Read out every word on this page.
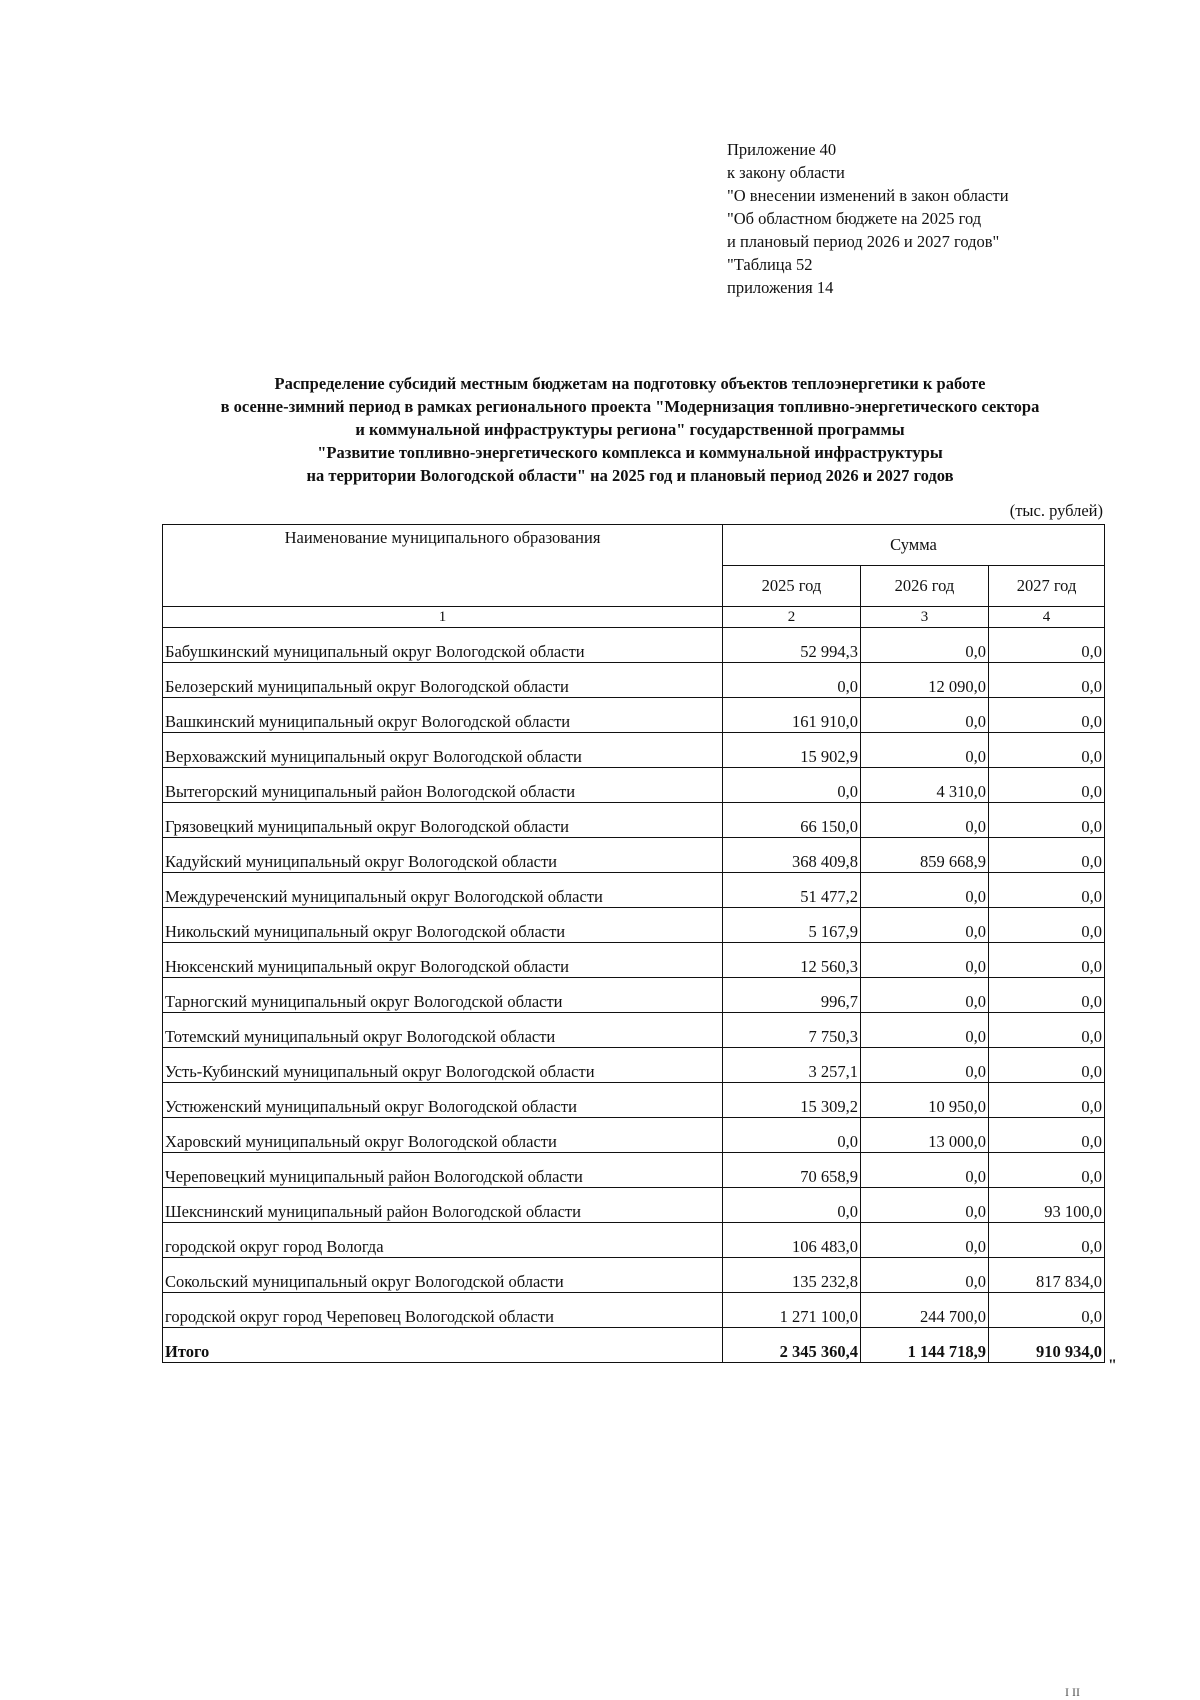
Приложение 40
к закону области
"О внесении изменений в закон области
"Об областном бюджете на 2025 год
и плановый период 2026 и 2027 годов"
"Таблица 52
приложения 14
Распределение субсидий местным бюджетам на подготовку объектов теплоэнергетики к работе
в осенне-зимний период в рамках регионального проекта "Модернизация топливно-энергетического сектора
и коммунальной инфраструктуры региона" государственной программы
"Развитие топливно-энергетического комплекса и коммунальной инфраструктуры
на территории Вологодской области" на 2025 год и плановый период 2026 и 2027 годов
(тыс. рублей)
Наименование муниципального образования	Сумма		
	2025 год	2026 год	2027 год
1	2	3	4
Бабушкинский муниципальный округ Вологодской области	52 994,3	0,0	0,0
Белозерский муниципальный округ Вологодской области	0,0	12 090,0	0,0
Вашкинский муниципальный округ Вологодской области	161 910,0	0,0	0,0
Верховажский муниципальный округ Вологодской области	15 902,9	0,0	0,0
Вытегорский муниципальный район Вологодской области	0,0	4 310,0	0,0
Грязовецкий муниципальный округ Вологодской области	66 150,0	0,0	0,0
Кадуйский муниципальный округ Вологодской области	368 409,8	859 668,9	0,0
Междуреченский муниципальный округ Вологодской области	51 477,2	0,0	0,0
Никольский муниципальный округ Вологодской области	5 167,9	0,0	0,0
Нюксенский муниципальный округ Вологодской области	12 560,3	0,0	0,0
Тарногский муниципальный округ Вологодской области	996,7	0,0	0,0
Тотемский муниципальный округ Вологодской области	7 750,3	0,0	0,0
Усть-Кубинский муниципальный округ Вологодской области	3 257,1	0,0	0,0
Устюженский муниципальный округ Вологодской области	15 309,2	10 950,0	0,0
Харовский муниципальный округ Вологодской области	0,0	13 000,0	0,0
Череповецкий муниципальный район Вологодской области	70 658,9	0,0	0,0
Шекснинский муниципальный район Вологодской области	0,0	0,0	93 100,0
городской округ город Вологда	106 483,0	0,0	0,0
Сокольский муниципальный округ Вологодской области	135 232,8	0,0	817 834,0
городской округ город Череповец Вологодской области	1 271 100,0	244 700,0	0,0
Итого	2 345 360,4	1 144 718,9	910 934,0
"
I II
